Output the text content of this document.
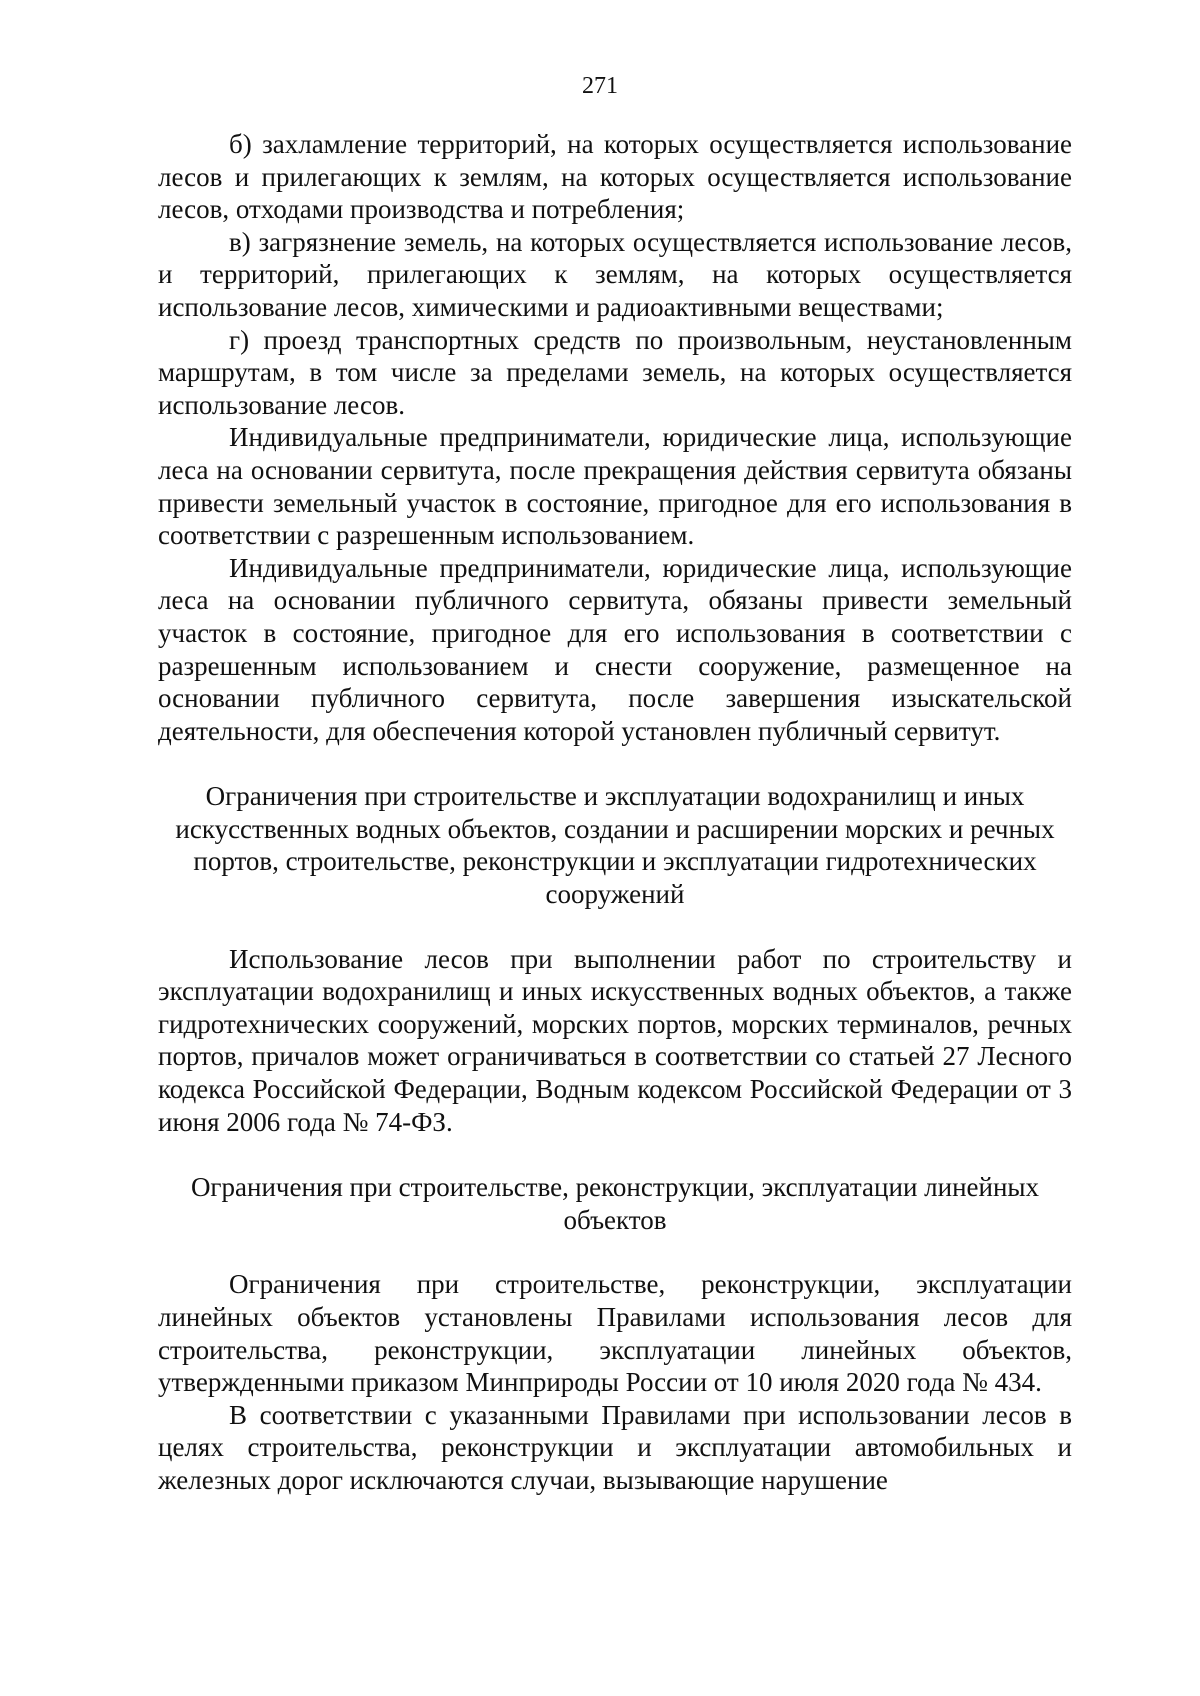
271

б) захламление территорий, на которых осуществляется использование лесов и прилегающих к землям, на которых осуществляется использование лесов, отходами производства и потребления;

в) загрязнение земель, на которых осуществляется использование лесов, и территорий, прилегающих к землям, на которых осуществляется использование лесов, химическими и радиоактивными веществами;

г) проезд транспортных средств по произвольным, неустановленным маршрутам, в том числе за пределами земель, на которых осуществляется использование лесов.

Индивидуальные предприниматели, юридические лица, использующие леса на основании сервитута, после прекращения действия сервитута обязаны привести земельный участок в состояние, пригодное для его использования в соответствии с разрешенным использованием.

Индивидуальные предприниматели, юридические лица, использующие леса на основании публичного сервитута, обязаны привести земельный участок в состояние, пригодное для его использования в соответствии с разрешенным использованием и снести сооружение, размещенное на основании публичного сервитута, после завершения изыскательской деятельности, для обеспечения которой установлен публичный сервитут.

Ограничения при строительстве и эксплуатации водохранилищ и иных искусственных водных объектов, создании и расширении морских и речных портов, строительстве, реконструкции и эксплуатации гидротехнических сооружений

Использование лесов при выполнении работ по строительству и эксплуатации водохранилищ и иных искусственных водных объектов, а также гидротехнических сооружений, морских портов, морских терминалов, речных портов, причалов может ограничиваться в соответствии со статьей 27 Лесного кодекса Российской Федерации, Водным кодексом Российской Федерации от 3 июня 2006 года № 74-ФЗ.

Ограничения при строительстве, реконструкции, эксплуатации линейных объектов

Ограничения при строительстве, реконструкции, эксплуатации линейных объектов установлены Правилами использования лесов для строительства, реконструкции, эксплуатации линейных объектов, утвержденными приказом Минприроды России от 10 июля 2020 года № 434.

В соответствии с указанными Правилами при использовании лесов в целях строительства, реконструкции и эксплуатации автомобильных и железных дорог исключаются случаи, вызывающие нарушение
